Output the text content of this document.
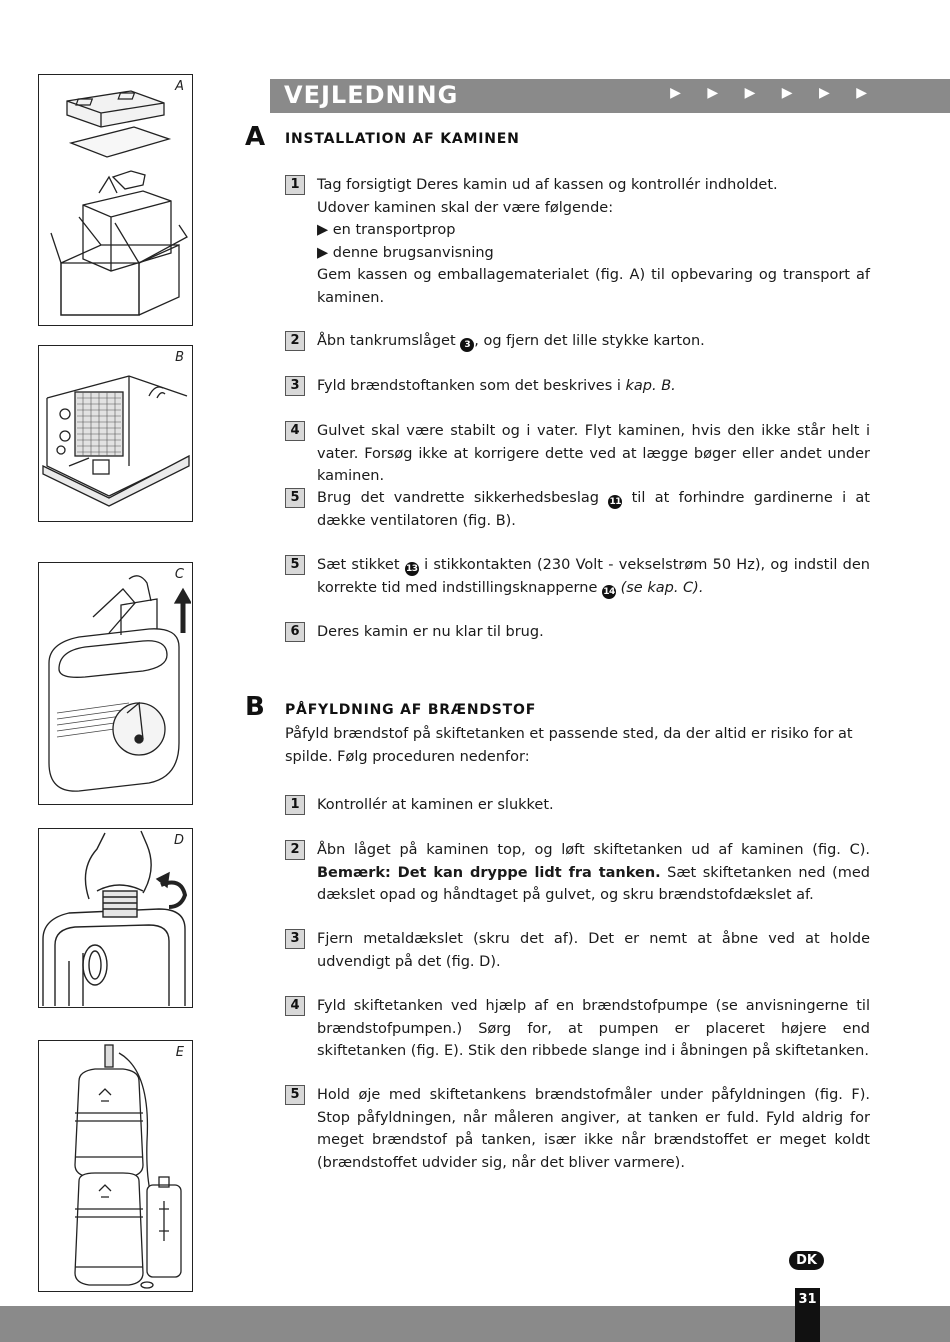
A
B
C
D
E
VEJLEDNING	▶ ▶ ▶ ▶ ▶ ▶
A INSTALLATION AF KAMINEN
1	Tag forsigtigt Deres kamin ud af kassen og kontrollér indholdet.

Udover kaminen skal der være følgende:

▶ en transportprop

▶ denne brugsanvisning

Gem kassen og emballagematerialet (fig. A) til opbevaring og transport af kaminen.

2	Åbn tankrumslåget 3 , og fjern det lille stykke karton.
3	Fyld brændstoftanken som det beskrives i kap. B.
4	Gulvet skal være stabilt og i vater. Flyt kaminen, hvis den ikke står helt i vater. Forsøg ikke at korrigere dette ved at lægge bøger eller andet under kaminen.
5	Brug det vandrette sikkerhedsbeslag 11 til at forhindre gardinerne i at dække ventilatoren (fig. B).
5	Sæt stikket 13 i stikkontakten (230 Volt - vekselstrøm 50 Hz), og indstil den korrekte tid med indstillingsknapperne 14 (se kap. C).
6	Deres kamin er nu klar til brug.
B PÅFYLDNING AF BRÆNDSTOF
Påfyld brændstof på skiftetanken et passende sted, da der altid er risiko for at spilde. Følg proceduren nedenfor:
1	Kontrollér at kaminen er slukket.
2	Åbn låget på kaminen top, og løft skiftetanken ud af kaminen (fig. C). Bemærk: Det kan dryppe lidt fra tanken. Sæt skiftetanken ned (med dækslet opad og håndtaget på gulvet, og skru brændstofdækslet af.
3	Fjern metaldækslet (skru det af). Det er nemt at åbne ved at holde udvendigt på det (fig. D).
4	Fyld skiftetanken ved hjælp af en brændstofpumpe (se anvisningerne til brændstofpumpen.) Sørg for, at pumpen er placeret højere end skiftetanken (fig. E). Stik den ribbede slange ind i åbningen på skiftetanken.
5	Hold øje med skiftetankens brændstofmåler under påfyldningen (fig. F). Stop påfyldningen, når måleren angiver, at tanken er fuld. Fyld aldrig for meget brændstof på tanken, især ikke når brændstoffet er meget koldt (brændstoffet udvider sig, når det bliver varmere).
DK
31
